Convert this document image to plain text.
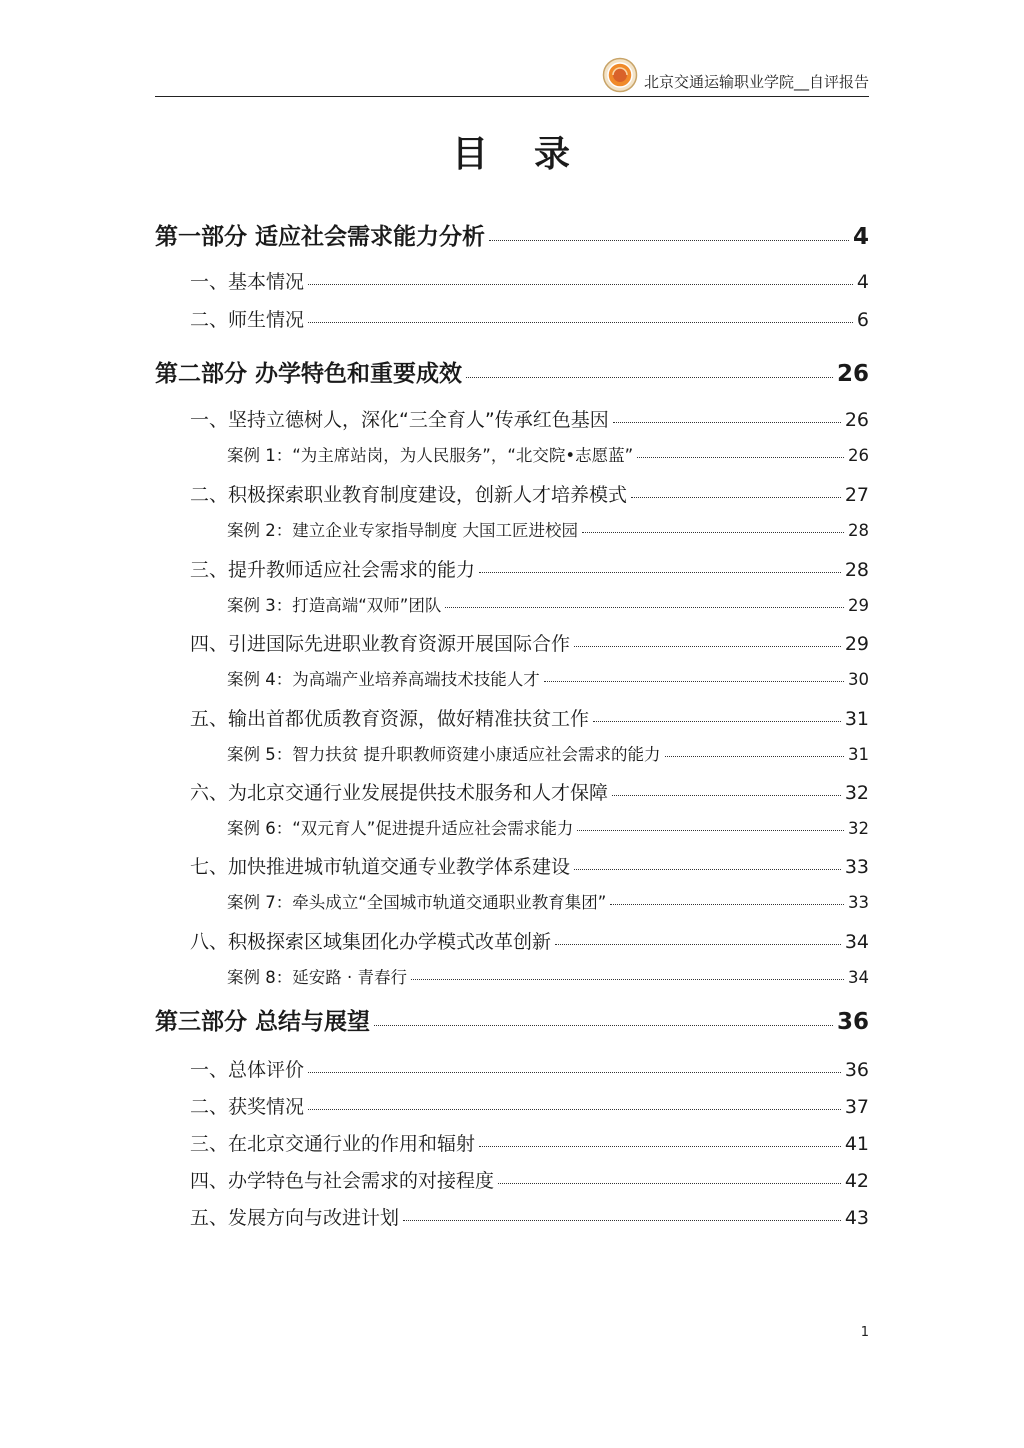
北京交通运输职业学院__自评报告
目 录
第一部分 适应社会需求能力分析	4
一、基本情况	4
二、师生情况	6
第二部分 办学特色和重要成效	26
一、坚持立德树人，深化“三全育人”传承红色基因	26
案例 1：“为主席站岗，为人民服务”，“北交院•志愿蓝”	26
二、积极探索职业教育制度建设，创新人才培养模式	27
案例 2：建立企业专家指导制度 大国工匠进校园	28
三、提升教师适应社会需求的能力	28
案例 3：打造高端“双师”团队	29
四、引进国际先进职业教育资源开展国际合作	29
案例 4：为高端产业培养高端技术技能人才	30
五、输出首都优质教育资源，做好精准扶贫工作	31
案例 5：智力扶贫 提升职教师资建小康适应社会需求的能力	31
六、为北京交通行业发展提供技术服务和人才保障	32
案例 6：“双元育人”促进提升适应社会需求能力	32
七、加快推进城市轨道交通专业教学体系建设	33
案例 7：牵头成立“全国城市轨道交通职业教育集团”	33
八、积极探索区域集团化办学模式改革创新	34
案例 8：延安路 · 青春行	34
第三部分 总结与展望	36
一、总体评价	36
二、获奖情况	37
三、在北京交通行业的作用和辐射	41
四、办学特色与社会需求的对接程度	42
五、发展方向与改进计划	43
1
